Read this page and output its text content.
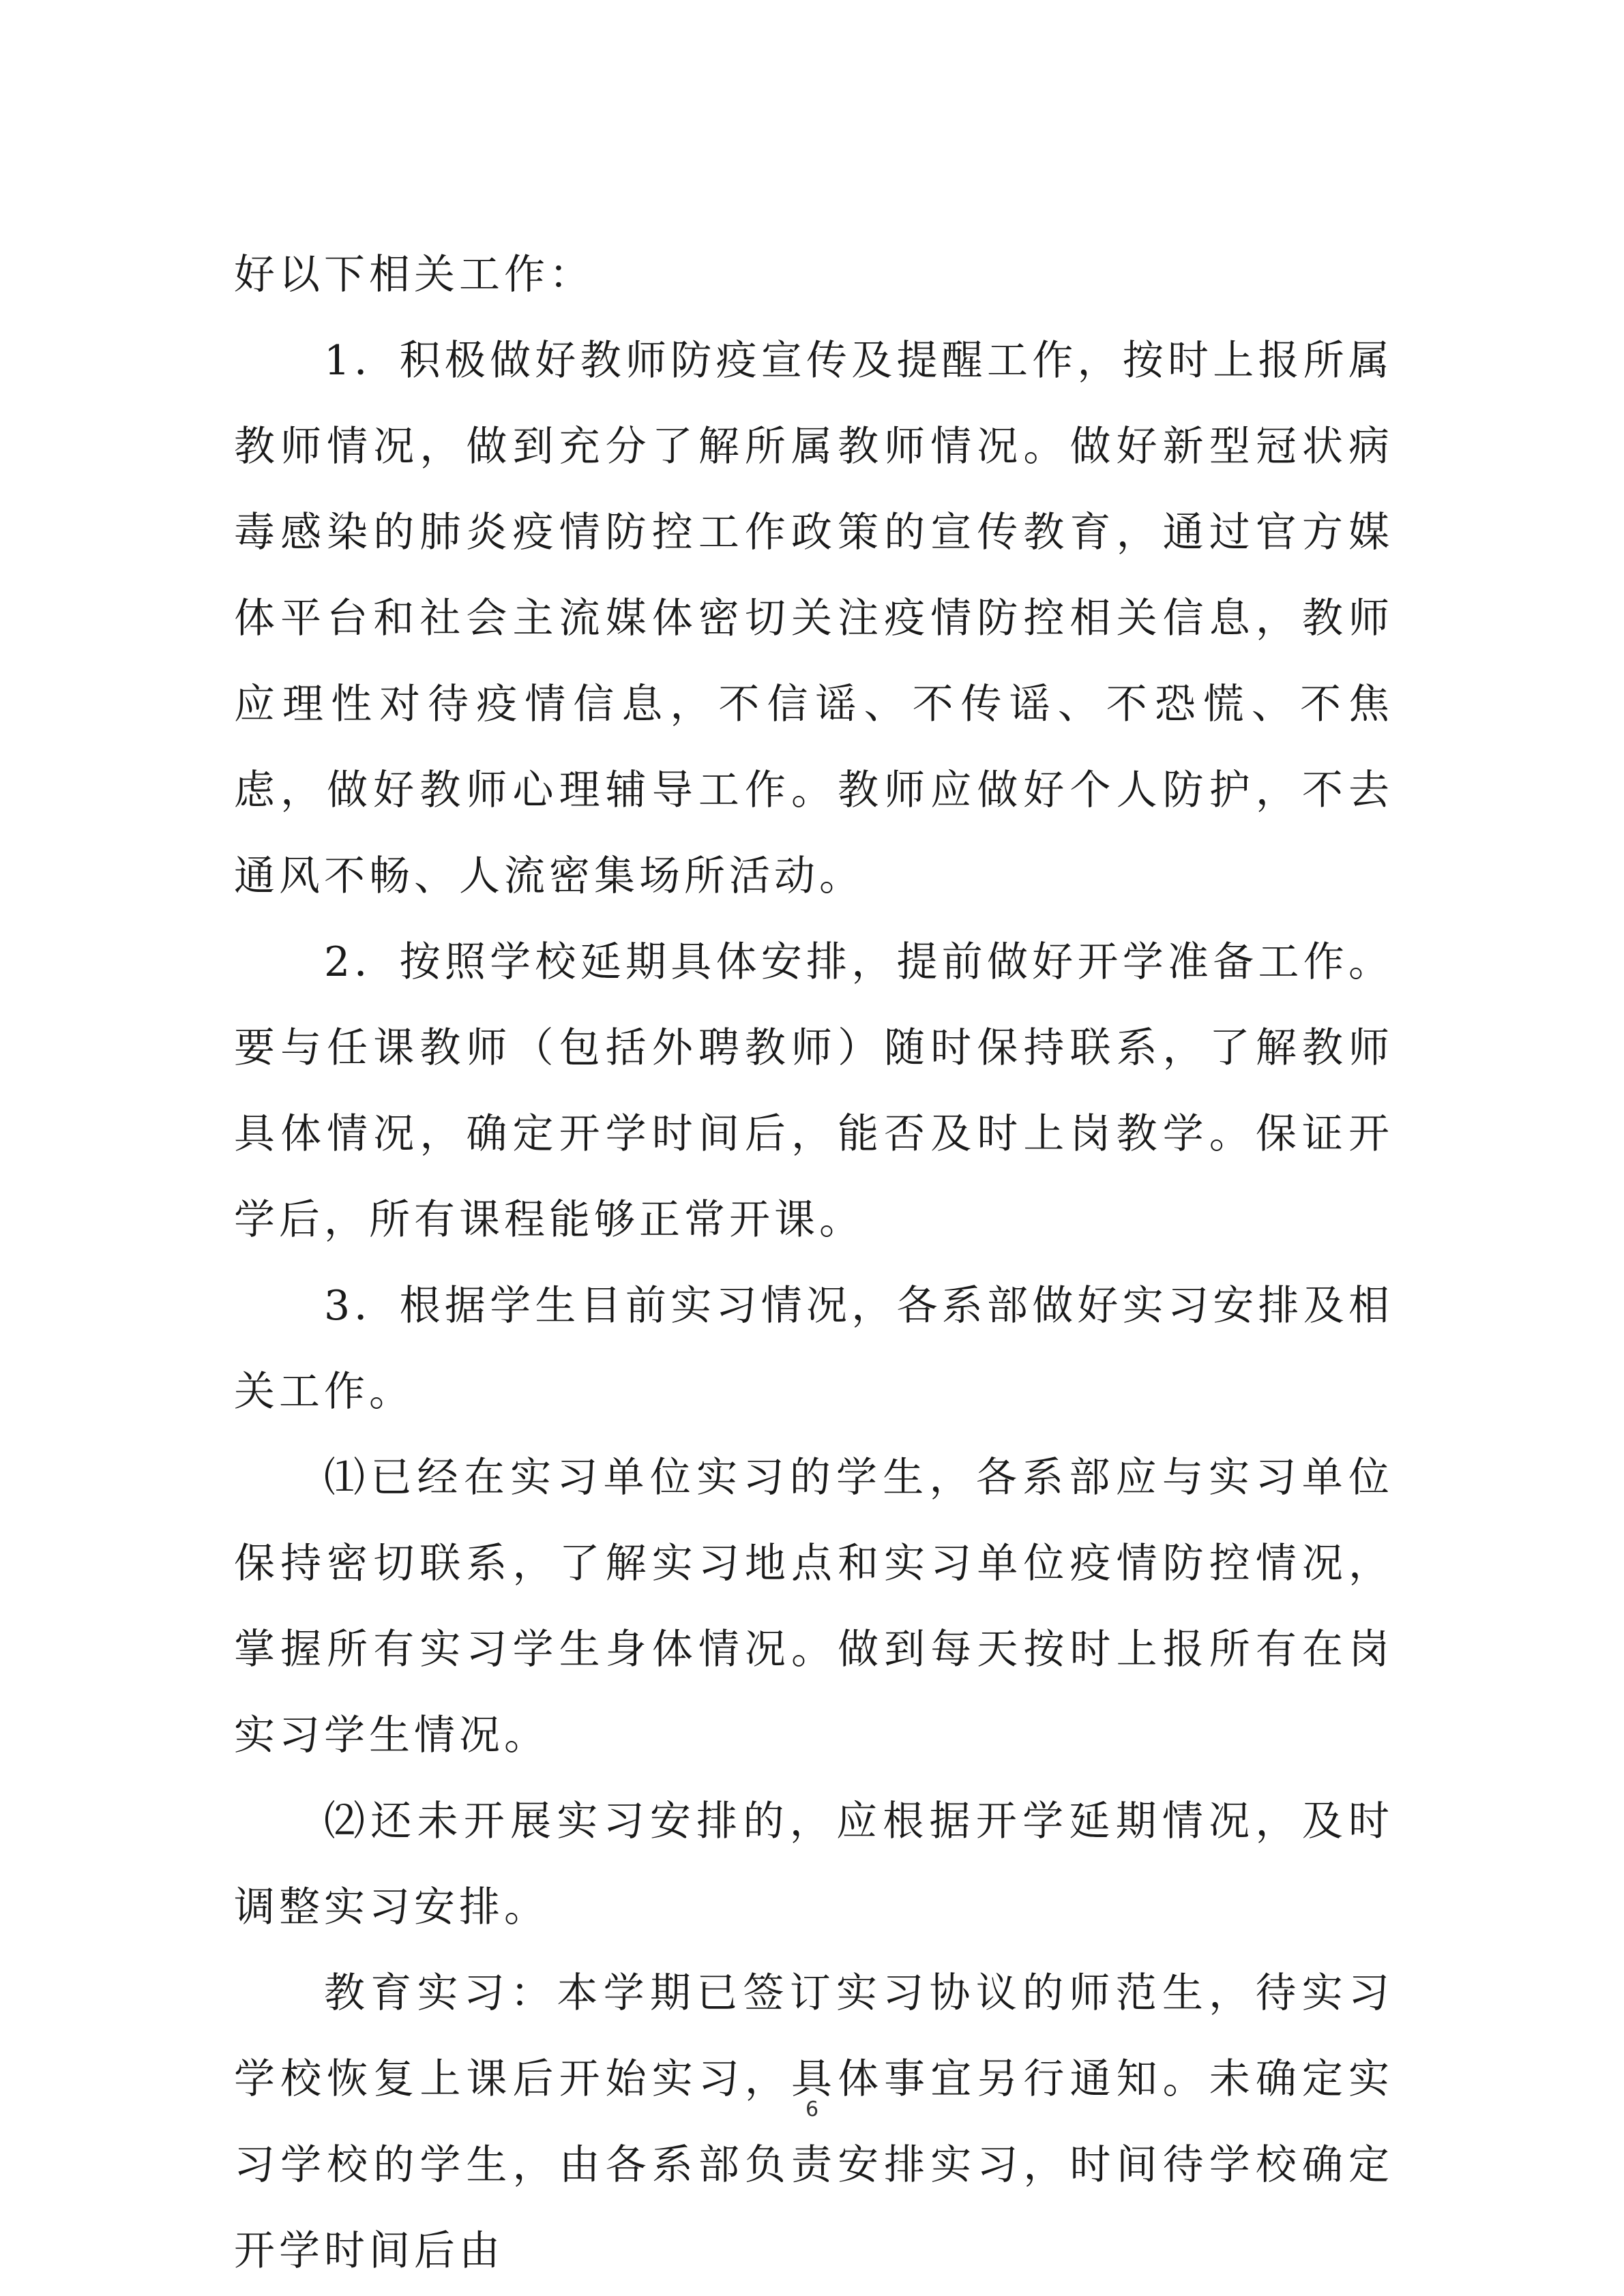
好以下相关工作：

1．积极做好教师防疫宣传及提醒工作，按时上报所属教师情况，做到充分了解所属教师情况。做好新型冠状病毒感染的肺炎疫情防控工作政策的宣传教育，通过官方媒体平台和社会主流媒体密切关注疫情防控相关信息，教师应理性对待疫情信息，不信谣、不传谣、不恐慌、不焦虑，做好教师心理辅导工作。教师应做好个人防护，不去通风不畅、人流密集场所活动。

2．按照学校延期具体安排，提前做好开学准备工作。要与任课教师（包括外聘教师）随时保持联系，了解教师具体情况，确定开学时间后，能否及时上岗教学。保证开学后，所有课程能够正常开课。

3．根据学生目前实习情况，各系部做好实习安排及相关工作。

⑴已经在实习单位实习的学生，各系部应与实习单位保持密切联系，了解实习地点和实习单位疫情防控情况，掌握所有实习学生身体情况。做到每天按时上报所有在岗实习学生情况。

⑵还未开展实习安排的，应根据开学延期情况，及时调整实习安排。

教育实习：本学期已签订实习协议的师范生，待实习学校恢复上课后开始实习，具体事宜另行通知。未确定实习学校的学生，由各系部负责安排实习，时间待学校确定开学时间后由

6
